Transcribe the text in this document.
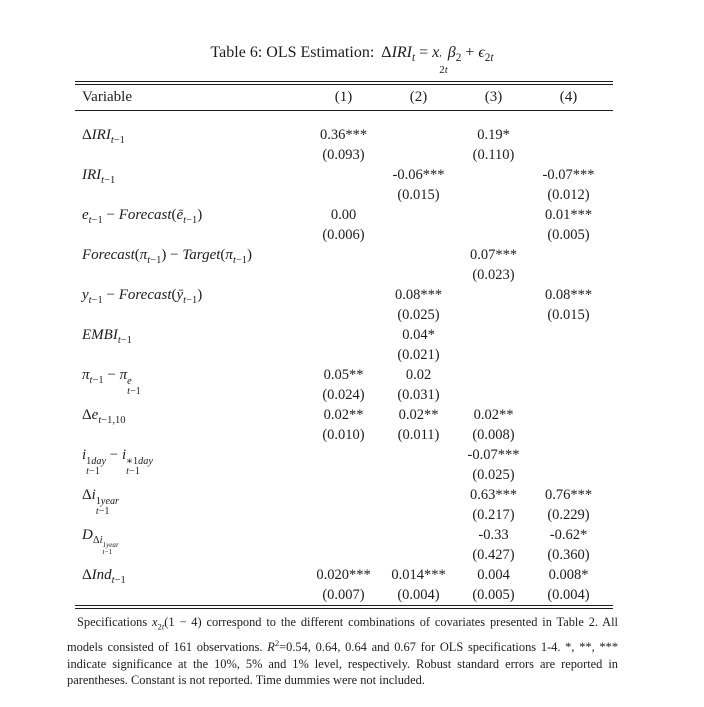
Table 6: OLS Estimation: $\Delta IRI_t = x$ ′
2t
$\beta_2 + \epsilon_{2t}$
Variable	(1)	(2)	(3)	(4)	

$\Delta IRI_{t-1}$	0.36***		0.19*		
	(0.093)		(0.110)		
$IRI_{t-1}$		-0.06***		-0.07***	
		(0.015)		(0.012)	
$e_{t-1}$ − $Forecast(ē_{t-1})$	0.00			0.01***	
	(0.006)			(0.005)	
$Forecast(\pi_{t-1})$ − $Target(\pi_{t-1})$			0.07***		
			(0.023)		
$y_{t-1}$ − $Forecast(ȳ_{t-1})$		0.08***		0.08***	
		(0.025)		(0.015)	
$EMBI_{t-1}$		0.04*			
		(0.021)			
$\pi_{t-1} - \pi$ e
t−1	0.05**	0.02			
	(0.024)	(0.031)			
$\Delta e_{t-1,10}$	0.02**	0.02**	0.02**		
	(0.010)	(0.011)	(0.008)		
i 1day
t−1
− i ∗1day
t−1
			-0.07***		
			(0.025)		
Δi 1year
t−1			0.63***	0.76***	
			(0.217)	(0.229)	
$D_{\Delta i 1year t-1}$			-0.33	-0.62*	
			(0.427)	(0.360)	
ΔInd$_{t-1}$	0.020***	0.014***	0.004	0.008*	
	(0.007)	(0.004)	(0.005)	(0.004)	
Specifications $x_{2t}(1 - 4)$ correspond to the different combinations of covariates presented in Table 2. All models consisted of 161 observations. $R^2=0.54$, 0.64, 0.64 and 0.67 for OLS specifications 1-4. *, **, *** indicate significance at the 10%, 5% and 1% level, respectively. Robust standard errors are reported in parentheses. Constant is not reported. Time dummies were not included.
